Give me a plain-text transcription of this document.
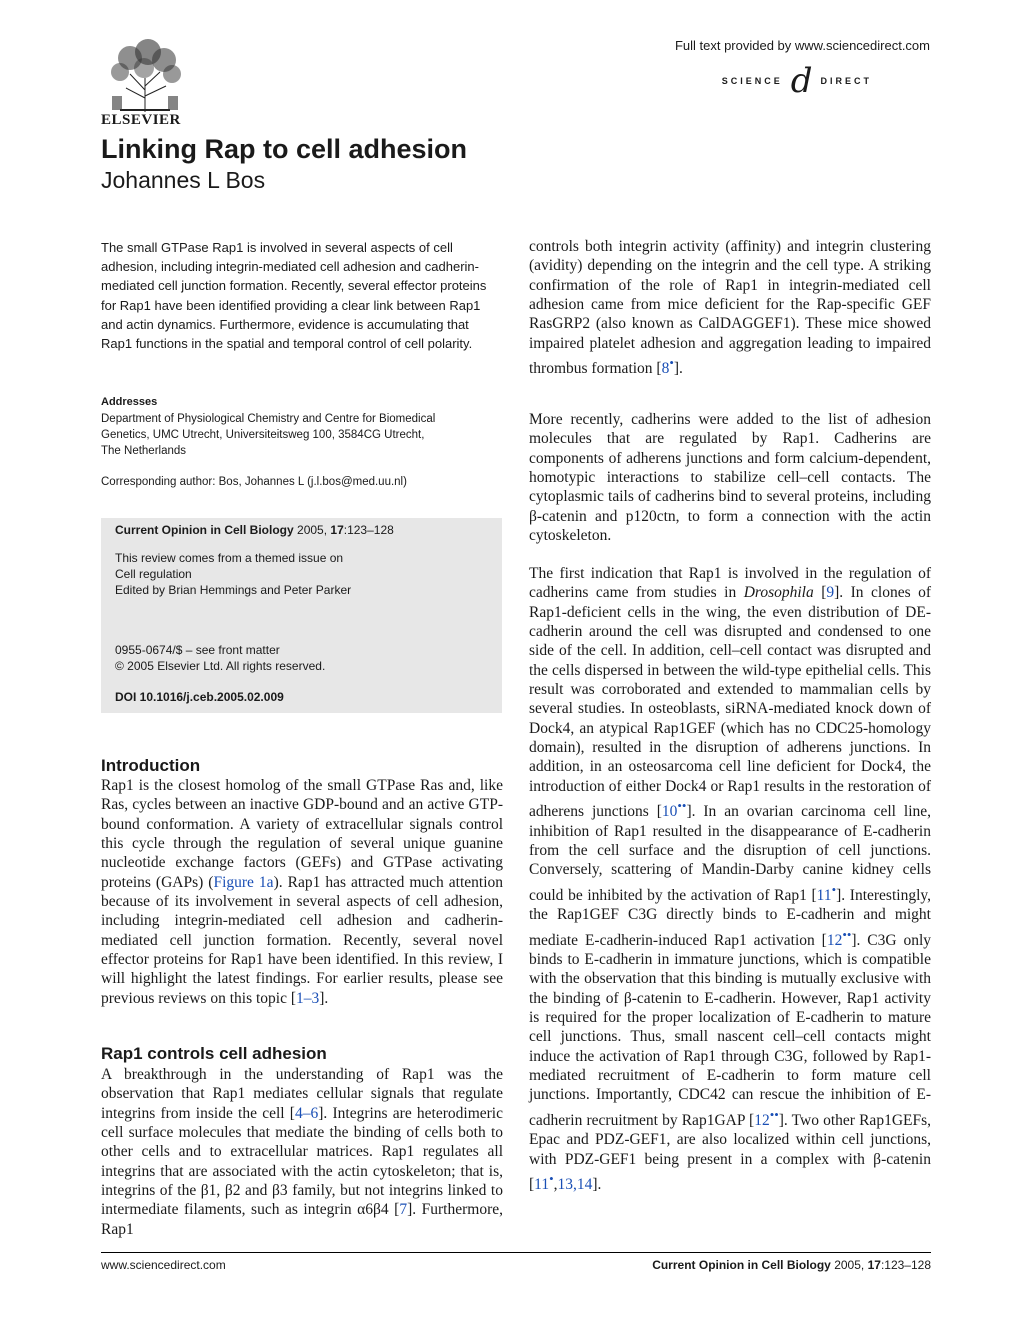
ELSEVIER
Full text provided by www.sciencedirect.com
SCIENCE d DIRECT
Linking Rap to cell adhesion
Johannes L Bos
The small GTPase Rap1 is involved in several aspects of cell adhesion, including integrin-mediated cell adhesion and cadherin-mediated cell junction formation. Recently, several effector proteins for Rap1 have been identified providing a clear link between Rap1 and actin dynamics. Furthermore, evidence is accumulating that Rap1 functions in the spatial and temporal control of cell polarity.
Addresses
Department of Physiological Chemistry and Centre for Biomedical
Genetics, UMC Utrecht, Universiteitsweg 100, 3584CG Utrecht,
The Netherlands
Corresponding author: Bos, Johannes L (j.l.bos@med.uu.nl)
Current Opinion in Cell Biology 2005, 17:123–128
This review comes from a themed issue on
Cell regulation
Edited by Brian Hemmings and Peter Parker
0955-0674/$ – see front matter
© 2005 Elsevier Ltd. All rights reserved.
DOI 10.1016/j.ceb.2005.02.009
Introduction
Rap1 is the closest homolog of the small GTPase Ras and, like Ras, cycles between an inactive GDP-bound and an active GTP-bound conformation. A variety of extracellular signals control this cycle through the regulation of several unique guanine nucleotide exchange factors (GEFs) and GTPase activating proteins (GAPs) (Figure 1a). Rap1 has attracted much attention because of its involvement in several aspects of cell adhesion, including integrin-mediated cell adhesion and cadherin-mediated cell junction formation. Recently, several novel effector proteins for Rap1 have been identified. In this review, I will highlight the latest findings. For earlier results, please see previous reviews on this topic [1–3].
Rap1 controls cell adhesion
A breakthrough in the understanding of Rap1 was the observation that Rap1 mediates cellular signals that regulate integrins from inside the cell [4–6]. Integrins are heterodimeric cell surface molecules that mediate the binding of cells both to other cells and to extracellular matrices. Rap1 regulates all integrins that are associated with the actin cytoskeleton; that is, integrins of the β1, β2 and β3 family, but not integrins linked to intermediate filaments, such as integrin α6β4 [7]. Furthermore, Rap1
controls both integrin activity (affinity) and integrin clustering (avidity) depending on the integrin and the cell type. A striking confirmation of the role of Rap1 in integrin-mediated cell adhesion came from mice deficient for the Rap-specific GEF RasGRP2 (also known as CalDAGGEF1). These mice showed impaired platelet adhesion and aggregation leading to impaired thrombus formation [8•].
More recently, cadherins were added to the list of adhesion molecules that are regulated by Rap1. Cadherins are components of adherens junctions and form calcium-dependent, homotypic interactions to stabilize cell–cell contacts. The cytoplasmic tails of cadherins bind to several proteins, including β-catenin and p120ctn, to form a connection with the actin cytoskeleton.
The first indication that Rap1 is involved in the regulation of cadherins came from studies in Drosophila [9]. In clones of Rap1-deficient cells in the wing, the even distribution of DE-cadherin around the cell was disrupted and condensed to one side of the cell. In addition, cell–cell contact was disrupted and the cells dispersed in between the wild-type epithelial cells. This result was corroborated and extended to mammalian cells by several studies. In osteoblasts, siRNA-mediated knock down of Dock4, an atypical Rap1GEF (which has no CDC25-homology domain), resulted in the disruption of adherens junctions. In addition, in an osteosarcoma cell line deficient for Dock4, the introduction of either Dock4 or Rap1 results in the restoration of adherens junctions [10••]. In an ovarian carcinoma cell line, inhibition of Rap1 resulted in the disappearance of E-cadherin from the cell surface and the disruption of cell junctions. Conversely, scattering of Mandin-Darby canine kidney cells could be inhibited by the activation of Rap1 [11•]. Interestingly, the Rap1GEF C3G directly binds to E-cadherin and might mediate E-cadherin-induced Rap1 activation [12••]. C3G only binds to E-cadherin in immature junctions, which is compatible with the observation that this binding is mutually exclusive with the binding of β-catenin to E-cadherin. However, Rap1 activity is required for the proper localization of E-cadherin to mature cell junctions. Thus, small nascent cell–cell contacts might induce the activation of Rap1 through C3G, followed by Rap1-mediated recruitment of E-cadherin to form mature cell junctions. Importantly, CDC42 can rescue the inhibition of E-cadherin recruitment by Rap1GAP [12••]. Two other Rap1GEFs, Epac and PDZ-GEF1, are also localized within cell junctions, with PDZ-GEF1 being present in a complex with β-catenin [11•,13,14].
www.sciencedirect.com	Current Opinion in Cell Biology 2005, 17:123–128
